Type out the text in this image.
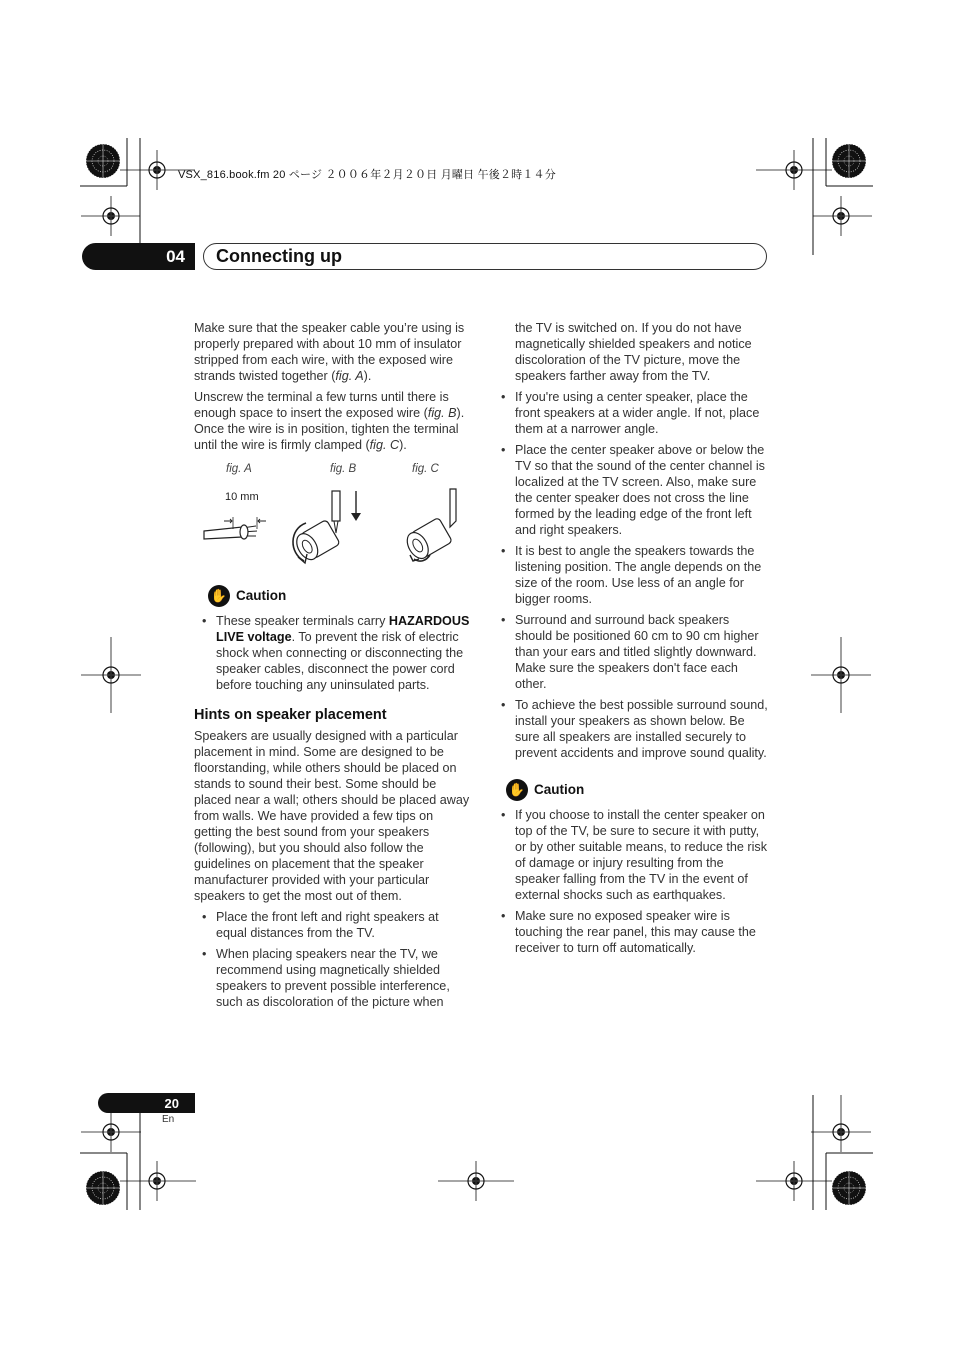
VSX_816.book.fm 20 ページ ２００６年２月２０日 月曜日 午後２時１４分
04 Connecting up

Make sure that the speaker cable you’re using is properly prepared with about 10 mm of insulator stripped from each wire, with the exposed wire strands twisted together (fig. A).

Unscrew the terminal a few turns until there is enough space to insert the exposed wire (fig. B). Once the wire is in position, tighten the terminal until the wire is firmly clamped (fig. C).

fig. A	fig. B	fig. C
10 mm
✋ Caution
• These speaker terminals carry HAZARDOUS LIVE voltage. To prevent the risk of electric shock when connecting or disconnecting the speaker cables, disconnect the power cord before touching any uninsulated parts.

Hints on speaker placement

Speakers are usually designed with a particular placement in mind. Some are designed to be floorstanding, while others should be placed on stands to sound their best. Some should be placed near a wall; others should be placed away from walls. We have provided a few tips on getting the best sound from your speakers (following), but you should also follow the guidelines on placement that the speaker manufacturer provided with your particular speakers to get the most out of them.

• Place the front left and right speakers at equal distances from the TV.
• When placing speakers near the TV, we recommend using magnetically shielded speakers to prevent possible interference, such as discoloration of the picture when

the TV is switched on. If you do not have magnetically shielded speakers and notice discoloration of the TV picture, move the speakers farther away from the TV.

• If you're using a center speaker, place the front speakers at a wider angle. If not, place them at a narrower angle.
• Place the center speaker above or below the TV so that the sound of the center channel is localized at the TV screen. Also, make sure the center speaker does not cross the line formed by the leading edge of the front left and right speakers.
• It is best to angle the speakers towards the listening position. The angle depends on the size of the room. Use less of an angle for bigger rooms.
• Surround and surround back speakers should be positioned 60 cm to 90 cm higher than your ears and titled slightly downward. Make sure the speakers don't face each other.
• To achieve the best possible surround sound, install your speakers as shown below. Be sure all speakers are installed securely to prevent accidents and improve sound quality.
✋ Caution
• If you choose to install the center speaker on top of the TV, be sure to secure it with putty, or by other suitable means, to reduce the risk of damage or injury resulting from the speaker falling from the TV in the event of external shocks such as earthquakes.
• Make sure no exposed speaker wire is touching the rear panel, this may cause the receiver to turn off automatically.
20
En
